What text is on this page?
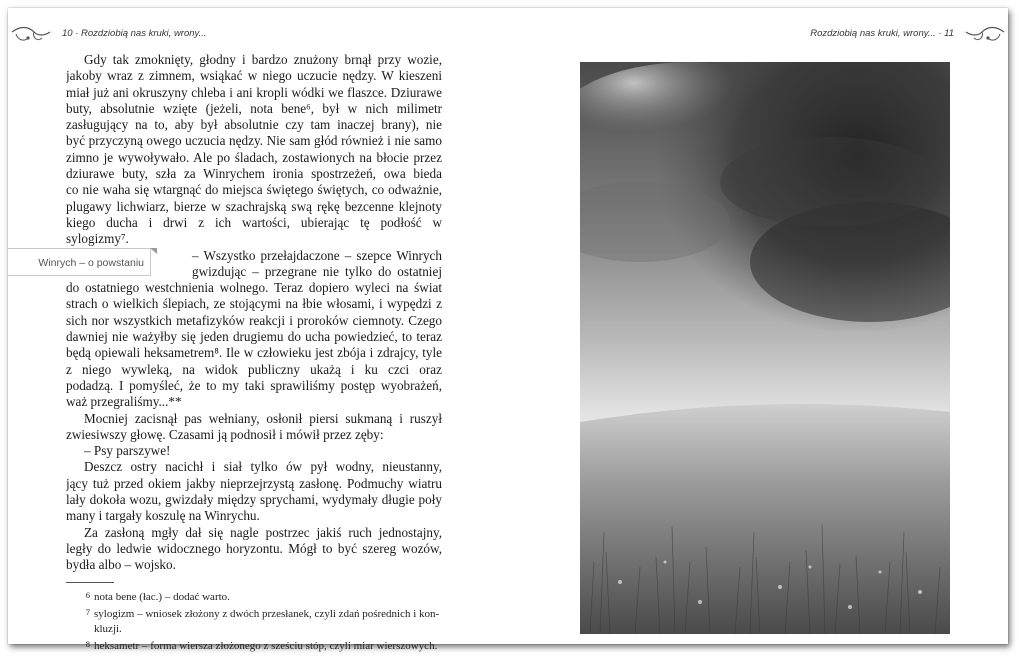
10 · Rozdziobią nas kruki, wrony...
Gdy tak zmoknięty, głodny i bardzo znużony brnął przy wozie,
jakoby wraz z zimnem, wsiąkać w niego uczucie nędzy. W kieszeni
miał już ani okruszyny chleba i ani kropli wódki we flaszce. Dziurawe
buty, absolutnie wzięte (jeżeli, nota bene⁶, był w nich milimetr
zasługujący na to, aby był absolutnie czy tam inaczej brany), nie
być przyczyną owego uczucia nędzy. Nie sam głód również i nie samo
zimno je wywoływało. Ale po śladach, zostawionych na błocie przez
dziurawe buty, szła za Winrychem ironia spostrzeżeń, owa bieda
co nie waha się wtargnąć do miejsca świętego świętych, co odważnie,
plugawy lichwiarz, bierze w szachrajską swą rękę bezcenne klejnoty
kiego ducha i drwi z ich wartości, ubierając tę podłość w
sylogizmy⁷.
– Wszystko przełajdaczone – szepce Winrych
gwizdując – przegrane nie tylko do ostatniej
do ostatniego westchnienia wolnego. Teraz dopiero wyleci na świat
strach o wielkich ślepiach, ze stojącymi na łbie włosami, i wypędzi z
sich nor wszystkich metafizyków reakcji i proroków ciemnoty. Czego
dawniej nie ważyłby się jeden drugiemu do ucha powiedzieć, to teraz
będą opiewali heksametrem⁸. Ile w człowieku jest zbója i zdrajcy, tyle
z niego wywleką, na widok publiczny ukażą i ku czci oraz
podadzą. I pomyśleć, że to my taki sprawiliśmy postęp wyobrażeń,
waż przegraliśmy...**
Mocniej zacisnął pas wełniany, osłonił piersi sukmaną i ruszył
zwiesiwszy głowę. Czasami ją podnosił i mówił przez zęby:
– Psy parszywe!
Deszcz ostry nacichł i siał tylko ów pył wodny, nieustanny,
jący tuż przed okiem jakby nieprzejrzystą zasłonę. Podmuchy wiatru
lały dokoła wozu, gwizdały między sprychami, wydymały długie poły
many i targały koszulę na Winrychu.
Za zasłoną mgły dał się nagle postrzec jakiś ruch jednostajny,
legły do ledwie widocznego horyzontu. Mógł to być szereg wozów,
bydła albo – wojsko.
Winrych – o powstaniu
6 nota bene (łac.) – dodać warto.
7 sylogizm – wniosek złożony z dwóch przesłanek, czyli zdań pośrednich i kon-
kluzji.
8 heksametr – forma wiersza złożonego z sześciu stóp, czyli miar wierszowych.
Rozdziobią nas kruki, wrony... · 11
